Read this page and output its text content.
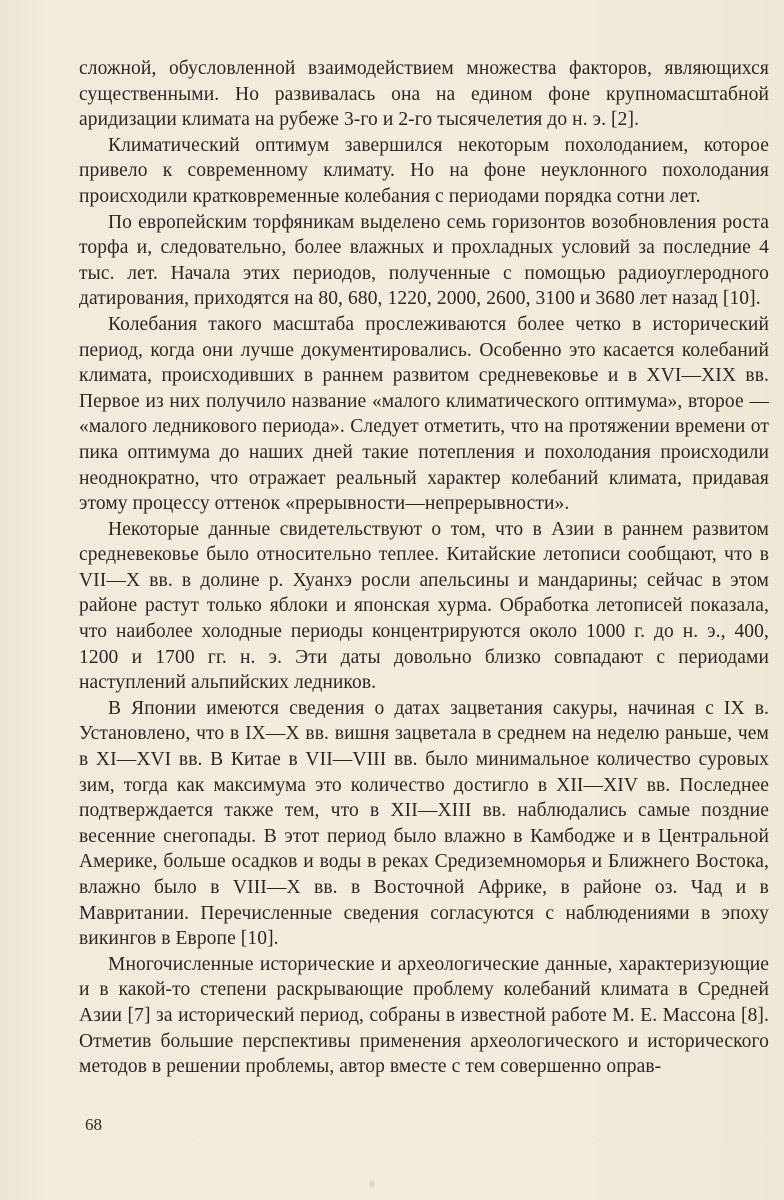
сложной, обусловленной взаимодействием множества факторов, являющихся существенными. Но развивалась она на едином фоне крупномасштабной аридизации климата на рубеже 3-го и 2-го тысячелетия до н. э. [2].

Климатический оптимум завершился некоторым похолоданием, которое привело к современному климату. Но на фоне неуклонного похолодания происходили кратковременные колебания с периодами порядка сотни лет.

По европейским торфяникам выделено семь горизонтов возобновления роста торфа и, следовательно, более влажных и прохладных условий за последние 4 тыс. лет. Начала этих периодов, полученные с помощью радиоуглеродного датирования, приходятся на 80, 680, 1220, 2000, 2600, 3100 и 3680 лет назад [10].

Колебания такого масштаба прослеживаются более четко в исторический период, когда они лучше документировались. Особенно это касается колебаний климата, происходивших в раннем развитом средневековье и в XVI—XIX вв. Первое из них получило название «малого климатического оптимума», второе — «малого ледникового периода». Следует отметить, что на протяжении времени от пика оптимума до наших дней такие потепления и похолодания происходили неоднократно, что отражает реальный характер колебаний климата, придавая этому процессу оттенок «прерывности—непрерывности».

Некоторые данные свидетельствуют о том, что в Азии в раннем развитом средневековье было относительно теплее. Китайские летописи сообщают, что в VII—X вв. в долине р. Хуанхэ росли апельсины и мандарины; сейчас в этом районе растут только яблоки и японская хурма. Обработка летописей показала, что наиболее холодные периоды концентрируются около 1000 г. до н. э., 400, 1200 и 1700 гг. н. э. Эти даты довольно близко совпадают с периодами наступлений альпийских ледников.

В Японии имеются сведения о датах зацветания сакуры, начиная с IX в. Установлено, что в IX—X вв. вишня зацветала в среднем на неделю раньше, чем в XI—XVI вв. В Китае в VII—VIII вв. было минимальное количество суровых зим, тогда как максимума это количество достигло в XII—XIV вв. Последнее подтверждается также тем, что в XII—XIII вв. наблюдались самые поздние весенние снегопады. В этот период было влажно в Камбодже и в Центральной Америке, больше осадков и воды в реках Средиземноморья и Ближнего Востока, влажно было в VIII—X вв. в Восточной Африке, в районе оз. Чад и в Мавритании. Перечисленные сведения согласуются с наблюдениями в эпоху викингов в Европе [10].

Многочисленные исторические и археологические данные, характеризующие и в какой-то степени раскрывающие проблему колебаний климата в Средней Азии [7] за исторический период, собраны в известной работе М. Е. Массона [8]. Отметив большие перспективы применения археологического и исторического методов в решении проблемы, автор вместе с тем совершенно оправ-

68
